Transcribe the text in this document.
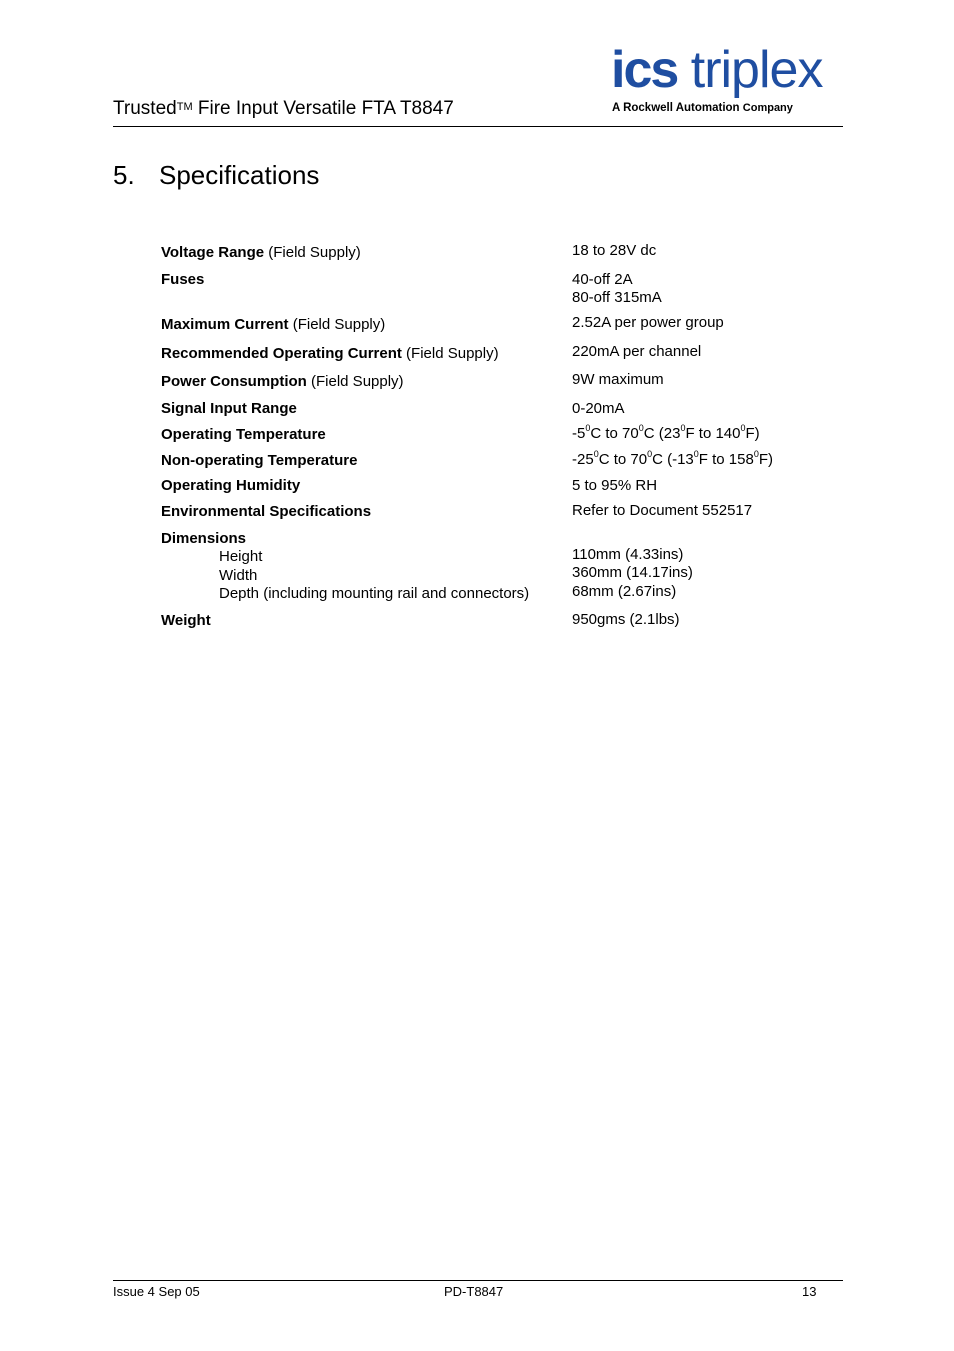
Trusted™ Fire Input Versatile FTA T8847
ics triplex
A Rockwell Automation Company
5. Specifications
Voltage Range (Field Supply)	18 to 28V dc
Fuses	40-off 2A
80-off 315mA
Maximum Current (Field Supply)	2.52A per power group
Recommended Operating Current (Field Supply)	220mA per channel
Power Consumption (Field Supply)	9W maximum
Signal Input Range	0-20mA
Operating Temperature	$-5^0C$ to $70^0C$ ($23^0F$ to $140^0F$)
Non-operating Temperature	$-25^0C$ to $70^0C$ ($-13^0F$ to $158^0F$)
Operating Humidity	5 to 95% RH
Environmental Specifications	Refer to Document 552517
Dimensions
Height	110mm (4.33ins)
Width	360mm (14.17ins)
Depth (including mounting rail and connectors)	68mm (2.67ins)
Weight	950gms (2.1lbs)
Issue 4 Sep 05	PD-T8847	13
